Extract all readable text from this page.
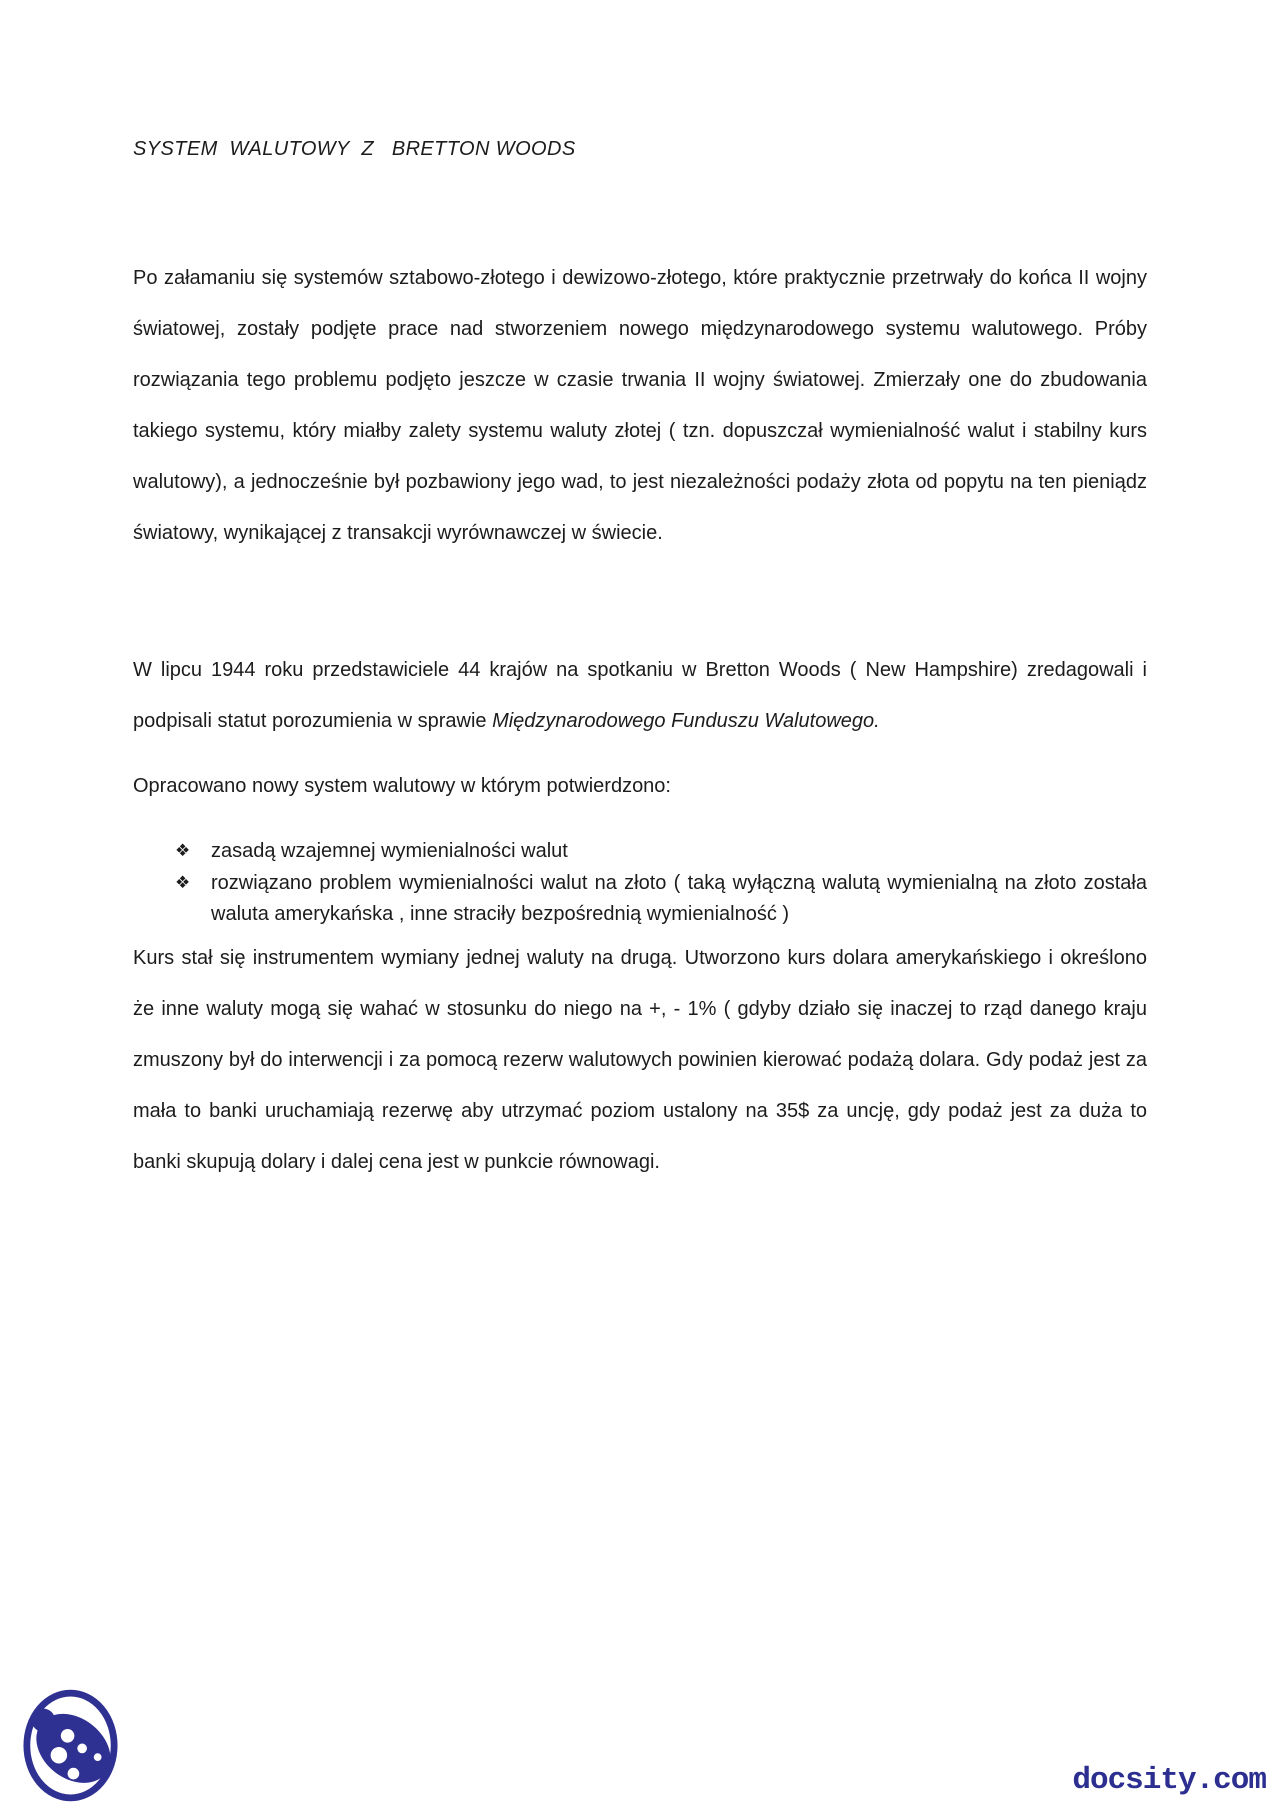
SYSTEM  WALUTOWY  Z   BRETTON WOODS

Po załamaniu się systemów sztabowo-złotego i dewizowo-złotego, które praktycznie przetrwały do końca II wojny światowej, zostały podjęte prace nad stworzeniem nowego międzynarodowego systemu walutowego. Próby rozwiązania tego problemu podjęto jeszcze w czasie trwania II wojny światowej. Zmierzały one do zbudowania takiego systemu, który miałby zalety systemu waluty złotej ( tzn. dopuszczał wymienialność walut i stabilny kurs walutowy), a jednocześnie był pozbawiony jego wad, to jest niezależności podaży złota od popytu na ten pieniądz światowy, wynikającej z transakcji wyrównawczej w świecie.

W lipcu 1944 roku przedstawiciele 44 krajów na spotkaniu w Bretton Woods ( New Hampshire) zredagowali i podpisali statut porozumienia w sprawie Międzynarodowego Funduszu Walutowego.

Opracowano nowy system walutowy w którym potwierdzono:

❖	zasadą wzajemnej wymienialności walut
❖	rozwiązano problem wymienialności walut na złoto ( taką wyłączną walutą wymienialną na złoto została waluta amerykańska , inne straciły bezpośrednią wymienialność )

Kurs stał się instrumentem wymiany jednej waluty na drugą. Utworzono kurs dolara amerykańskiego i określono że inne waluty mogą się wahać w stosunku do niego na +, - 1% ( gdyby działo się inaczej to rząd danego kraju zmuszony był do interwencji i za pomocą rezerw walutowych powinien kierować podażą dolara. Gdy podaż jest za mała to banki uruchamiają rezerwę aby utrzymać poziom ustalony na 35$ za uncję, gdy podaż jest za duża to banki skupują dolary i dalej cena jest w punkcie równowagi.

docsity.com
